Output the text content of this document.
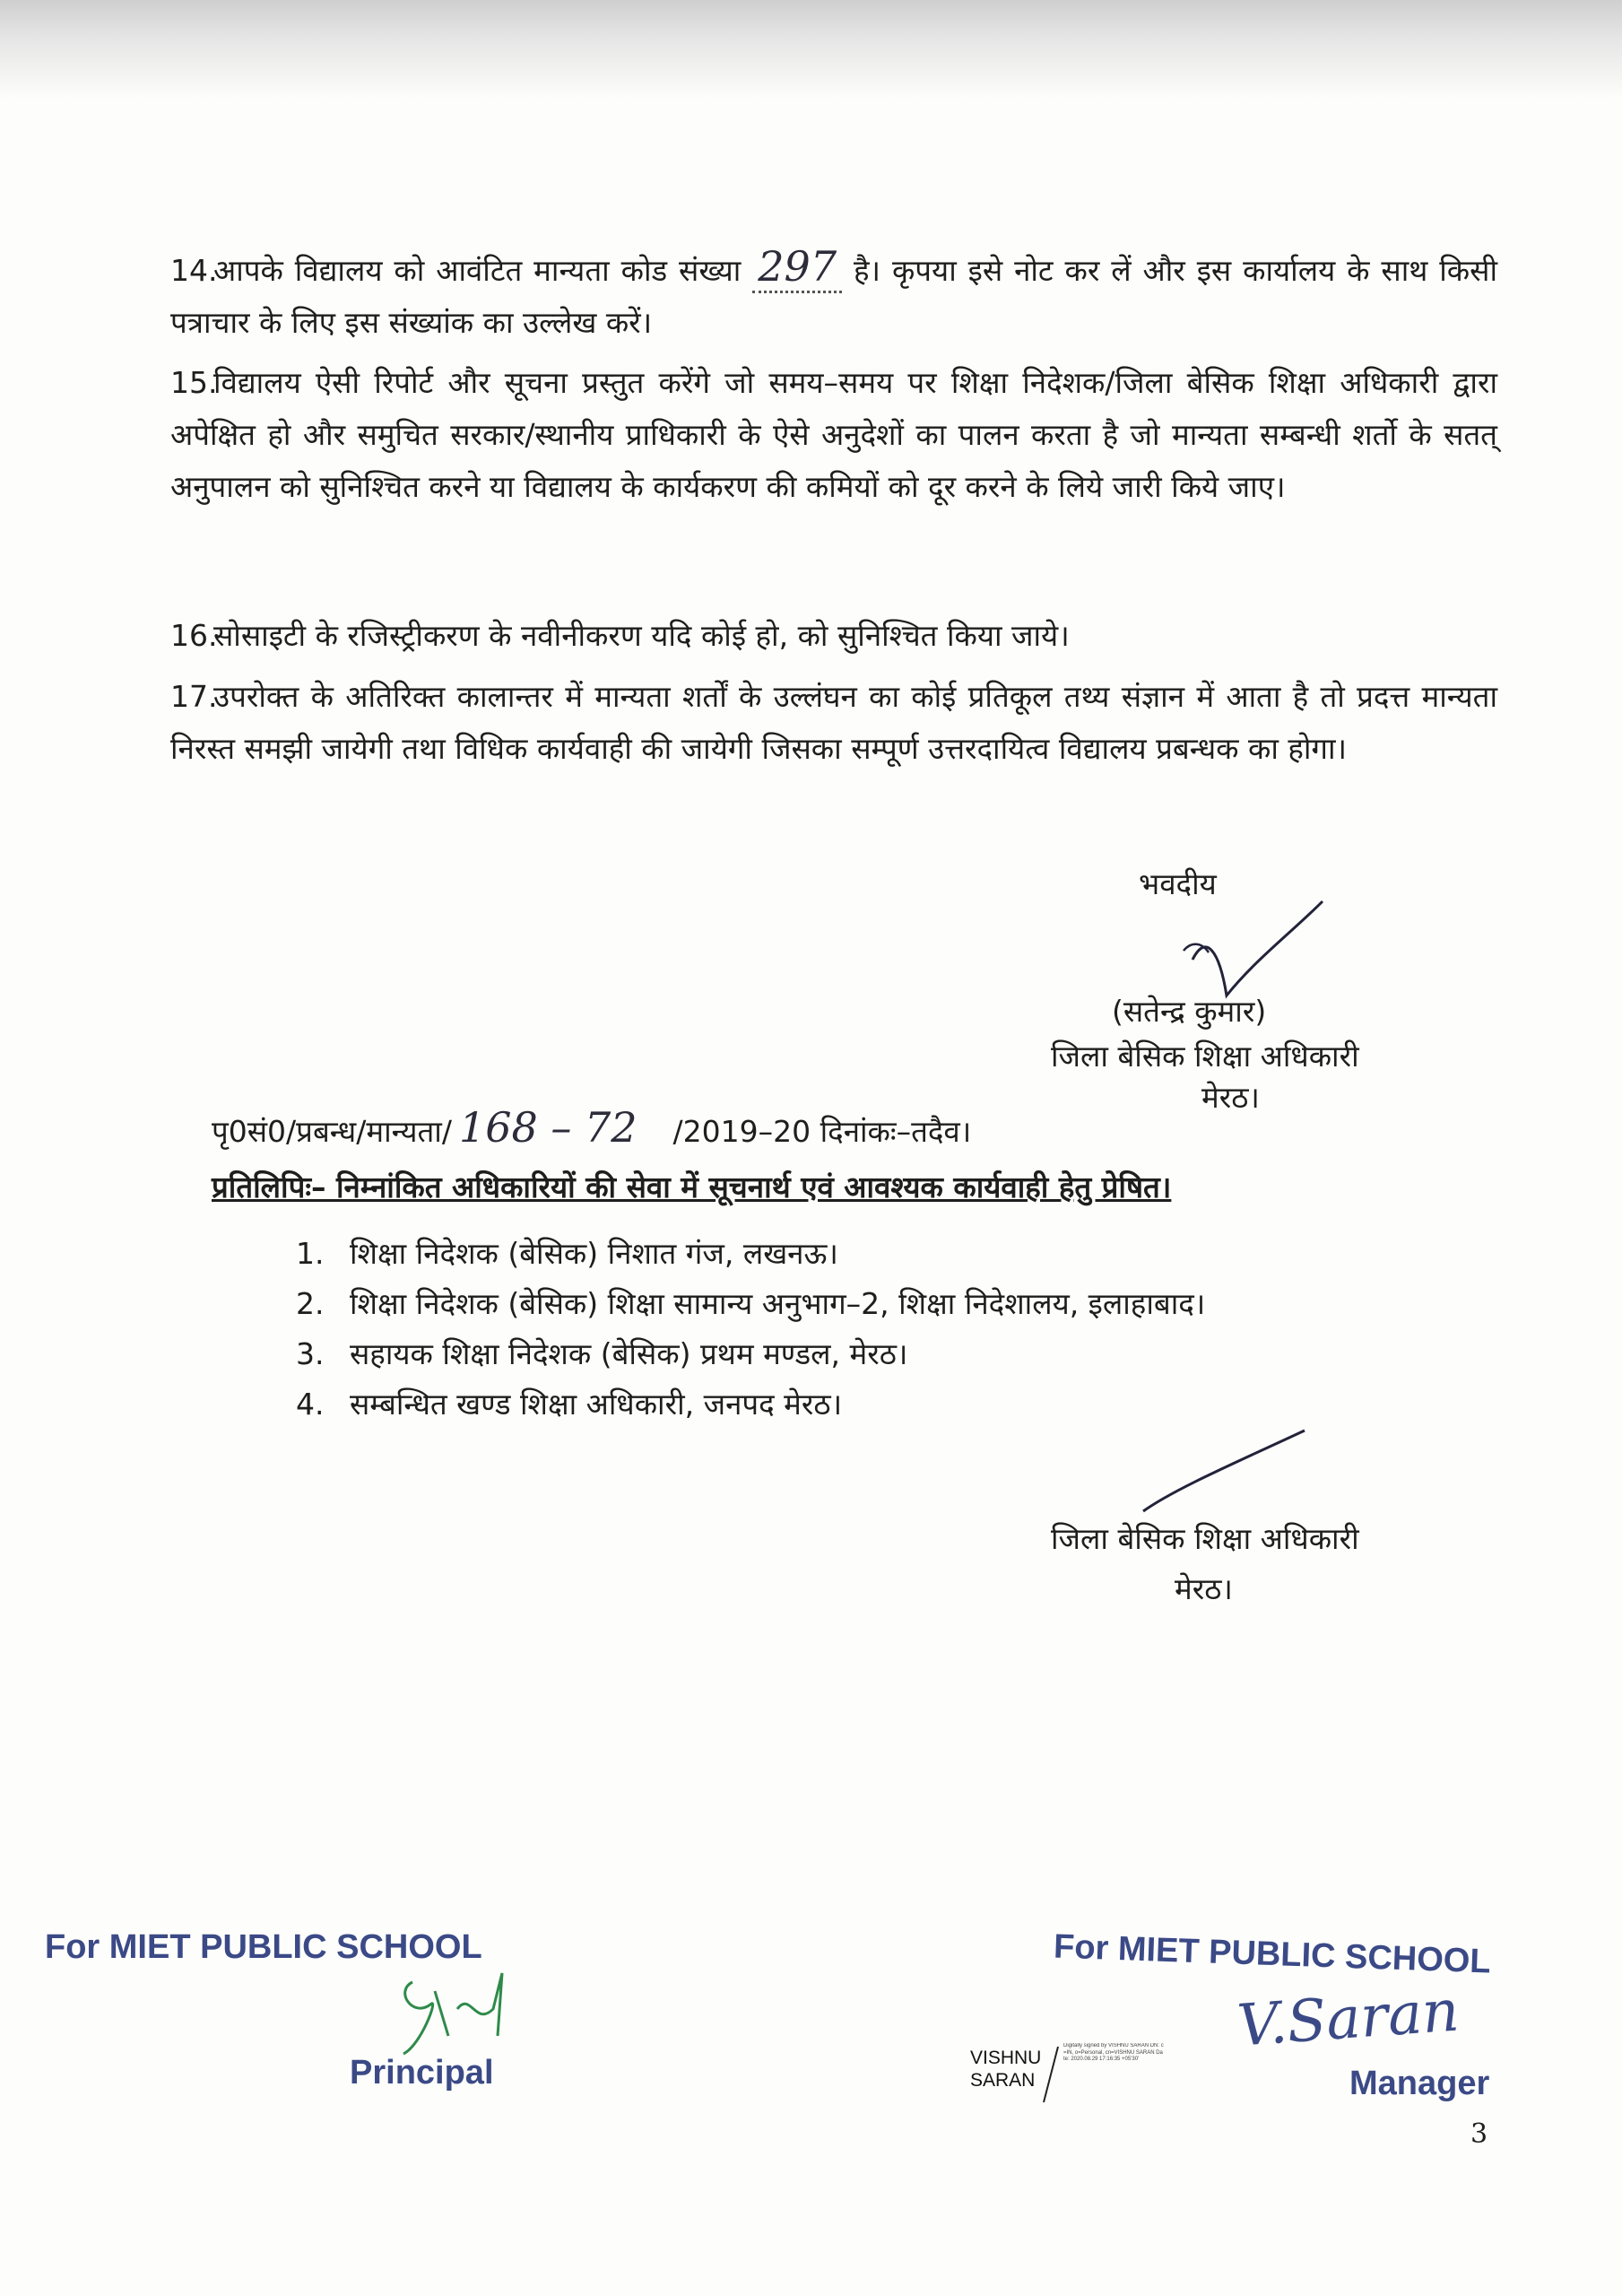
14.आपके विद्यालय को आवंटित मान्यता कोड संख्या 297 है। कृपया इसे नोट कर लें और इस कार्यालय के साथ किसी पत्राचार के लिए इस संख्यांक का उल्लेख करें।
15.विद्यालय ऐसी रिपोर्ट और सूचना प्रस्तुत करेंगे जो समय–समय पर शिक्षा निदेशक/जिला बेसिक शिक्षा अधिकारी द्वारा अपेक्षित हो और समुचित सरकार/स्थानीय प्राधिकारी के ऐसे अनुदेशों का पालन करता है जो मान्यता सम्बन्धी शर्तो के सतत् अनुपालन को सुनिश्चित करने या विद्यालय के कार्यकरण की कमियों को दूर करने के लिये जारी किये जाए।
16.सोसाइटी के रजिस्ट्रीकरण के नवीनीकरण यदि कोई हो, को सुनिश्चित किया जाये।
17.उपरोक्त के अतिरिक्त कालान्तर में मान्यता शर्तों के उल्लंघन का कोई प्रतिकूल तथ्य संज्ञान में आता है तो प्रदत्त मान्यता निरस्त समझी जायेगी तथा विधिक कार्यवाही की जायेगी जिसका सम्पूर्ण उत्तरदायित्व विद्यालय प्रबन्धक का होगा।
भवदीय
(सतेन्द्र कुमार)
जिला बेसिक शिक्षा अधिकारी
मेरठ।
पृ0सं0/प्रबन्ध/मान्यता/ 168 – 72 /2019–20 दिनांकः–तदैव।
प्रतिलिपिः– निम्नांकित अधिकारियों की सेवा में सूचनार्थ एवं आवश्यक कार्यवाही हेतु प्रेषित।
1. शिक्षा निदेशक (बेसिक) निशात गंज, लखनऊ।
2. शिक्षा निदेशक (बेसिक) शिक्षा सामान्य अनुभाग–2, शिक्षा निदेशालय, इलाहाबाद।
3. सहायक शिक्षा निदेशक (बेसिक) प्रथम मण्डल, मेरठ।
4. सम्बन्धित खण्ड शिक्षा अधिकारी, जनपद मेरठ।
जिला बेसिक शिक्षा अधिकारी
मेरठ।
For MIET PUBLIC SCHOOL
Principal
For MIET PUBLIC SCHOOL
V.Saran
Manager
VISHNU
SARAN
Digitally signed by VISHNU SARAN DN: c=IN, o=Personal, cn=VISHNU SARAN Date: 2020.08.29 17:16:35 +05'30'
3
